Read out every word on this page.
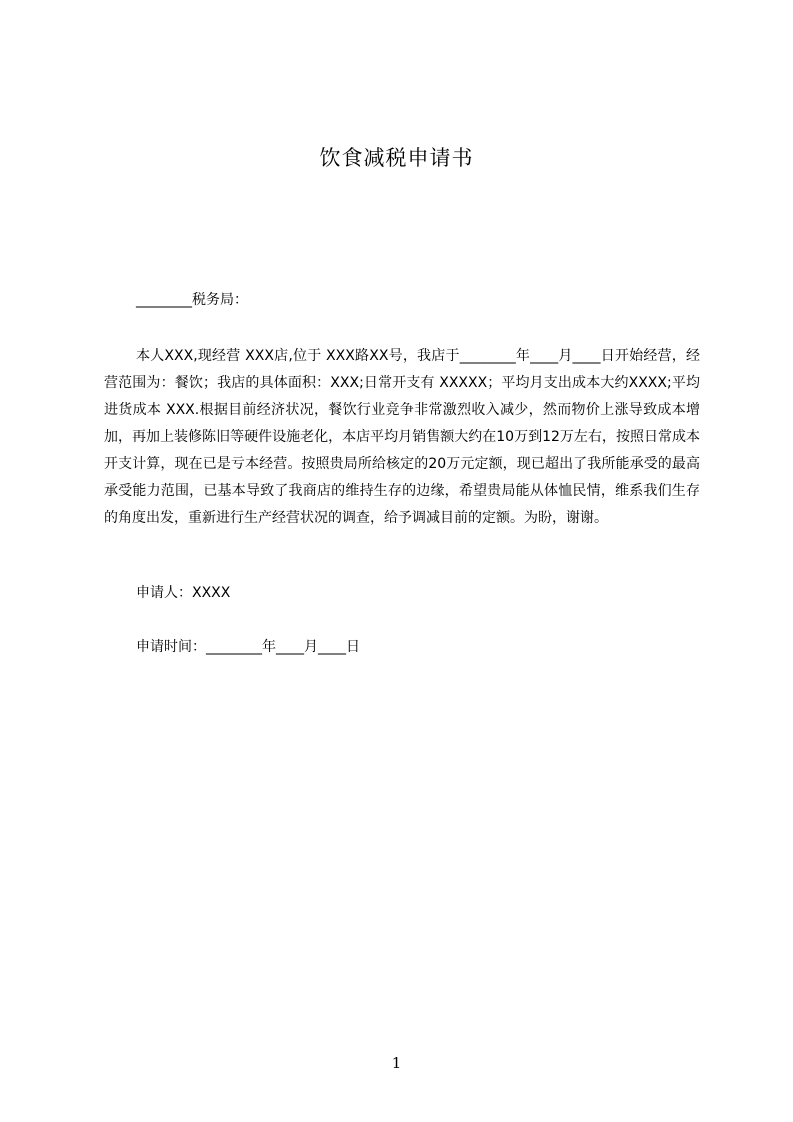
饮食减税申请书
________税务局：
本人XXX,现经营 XXX店,位于 XXX路XX号，我店于________年____月____日开始经营，经营范围为：餐饮；我店的具体面积：XXX;日常开支有 XXXXX；平均月支出成本大约XXXX;平均进货成本 XXX.根据目前经济状况，餐饮行业竞争非常激烈收入减少，然而物价上涨导致成本增加，再加上装修陈旧等硬件设施老化，本店平均月销售额大约在10万到12万左右，按照日常成本开支计算，现在已是亏本经营。按照贵局所给核定的20万元定额，现已超出了我所能承受的最高承受能力范围，已基本导致了我商店的维持生存的边缘，希望贵局能从体恤民情，维系我们生存的角度出发，重新进行生产经营状况的调查，给予调减目前的定额。为盼，谢谢。
申请人：XXXX
申请时间：________年____月____日
1
